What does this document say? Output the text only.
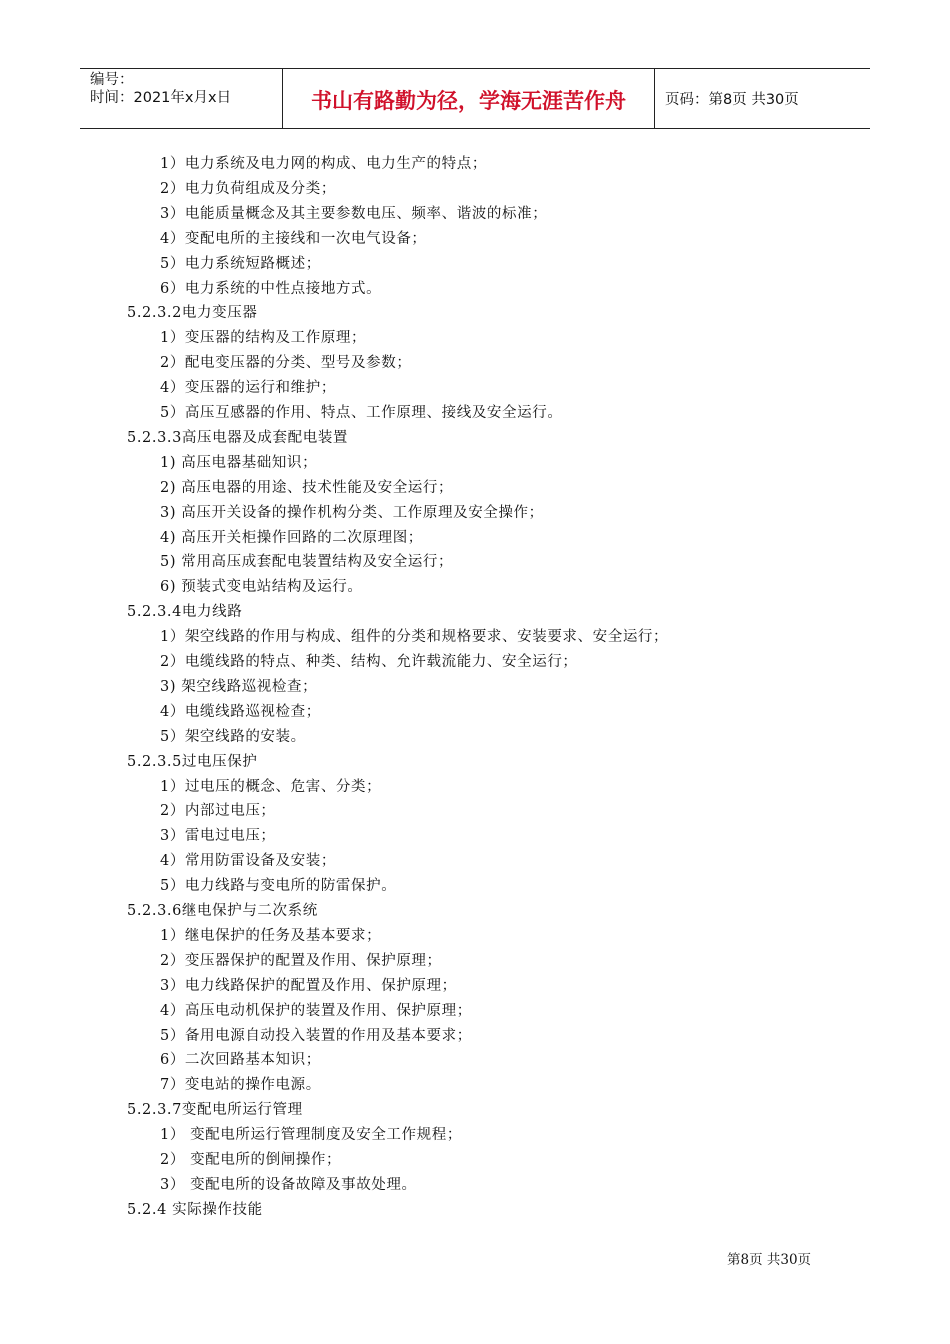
编号：
时间：2021年x月x日	书山有路勤为径，学海无涯苦作舟	页码：第8页 共30页
1）电力系统及电力网的构成、电力生产的特点；
2）电力负荷组成及分类；
3）电能质量概念及其主要参数电压、频率、谐波的标准；
4）变配电所的主接线和一次电气设备；
5）电力系统短路概述；
6）电力系统的中性点接地方式。
5.2.3.2电力变压器
1）变压器的结构及工作原理；
2）配电变压器的分类、型号及参数；
4）变压器的运行和维护；
5）高压互感器的作用、特点、工作原理、接线及安全运行。
5.2.3.3高压电器及成套配电装置
1) 高压电器基础知识；
2) 高压电器的用途、技术性能及安全运行；
3) 高压开关设备的操作机构分类、工作原理及安全操作；
4) 高压开关柜操作回路的二次原理图；
5) 常用高压成套配电装置结构及安全运行；
6) 预装式变电站结构及运行。
5.2.3.4电力线路
1）架空线路的作用与构成、组件的分类和规格要求、安装要求、安全运行；
2）电缆线路的特点、种类、结构、允许载流能力、安全运行；
3) 架空线路巡视检查；
4）电缆线路巡视检查；
5）架空线路的安装。
5.2.3.5过电压保护
1）过电压的概念、危害、分类；
2）内部过电压；
3）雷电过电压；
4）常用防雷设备及安装；
5）电力线路与变电所的防雷保护。
5.2.3.6继电保护与二次系统
1）继电保护的任务及基本要求；
2）变压器保护的配置及作用、保护原理；
3）电力线路保护的配置及作用、保护原理；
4）高压电动机保护的装置及作用、保护原理；
5）备用电源自动投入装置的作用及基本要求；
6）二次回路基本知识；
7）变电站的操作电源。
5.2.3.7变配电所运行管理
1） 变配电所运行管理制度及安全工作规程；
2） 变配电所的倒闸操作；
3） 变配电所的设备故障及事故处理。
5.2.4 实际操作技能
第8页 共30页
